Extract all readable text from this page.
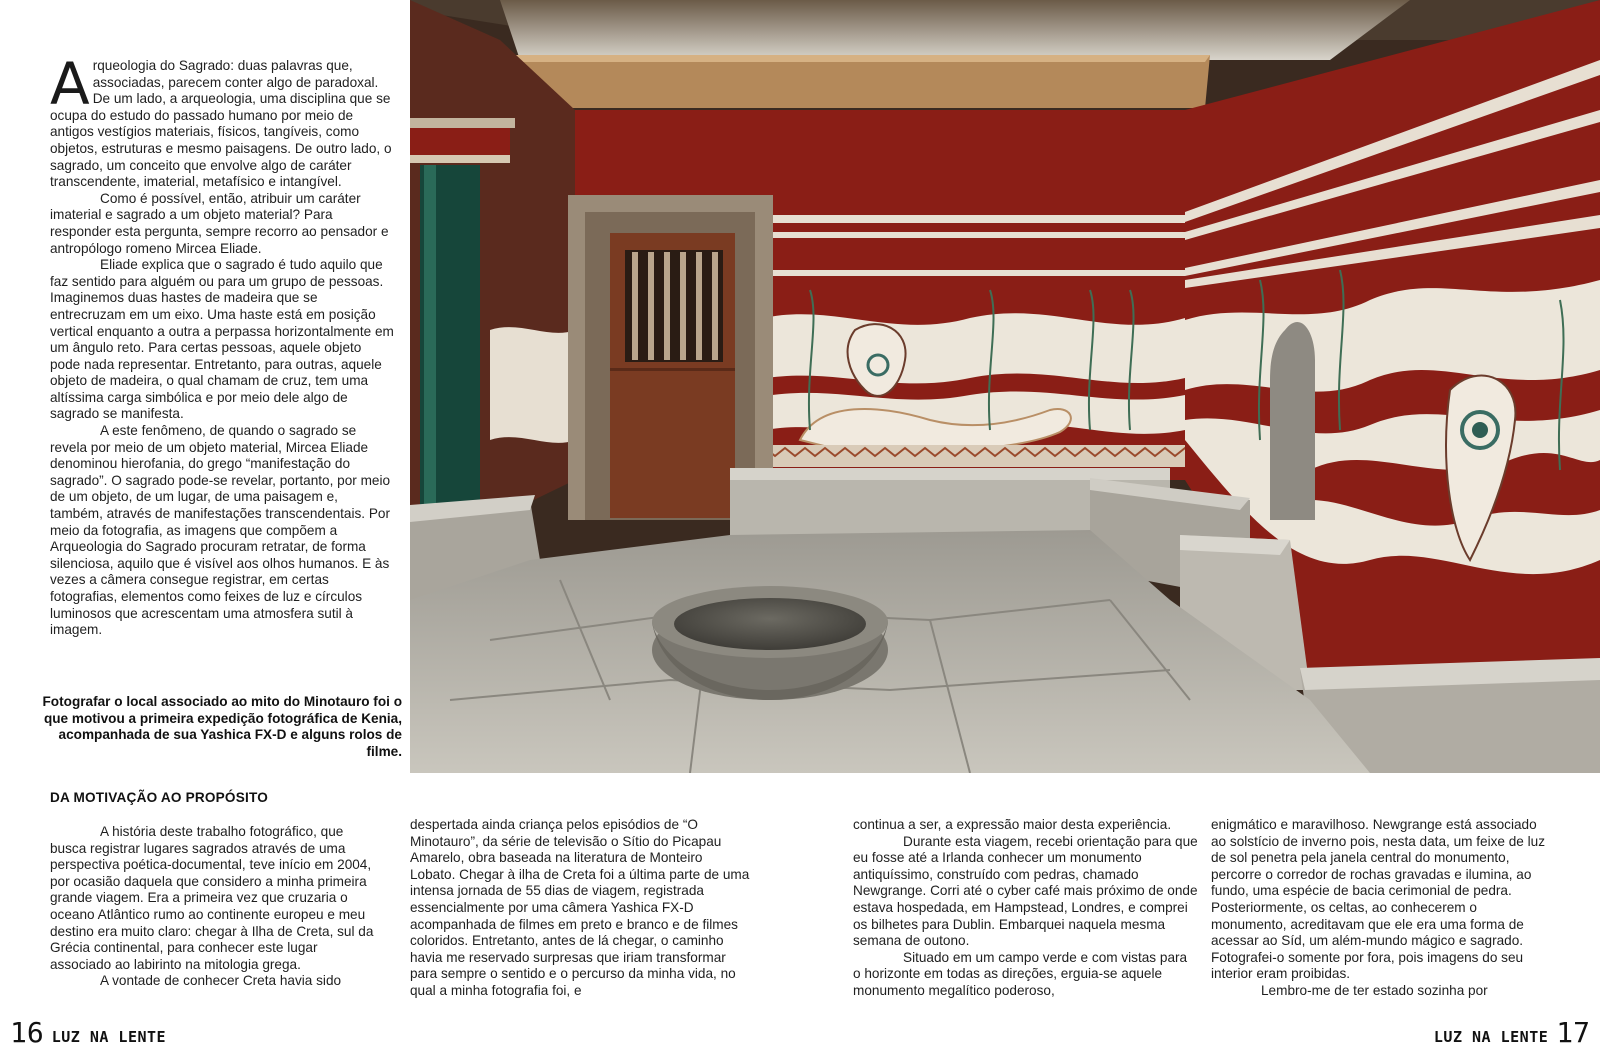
Arqueologia do Sagrado: duas palavras que, associadas, parecem conter algo de paradoxal. De um lado, a arqueologia, uma disciplina que se ocupa do estudo do passado humano por meio de antigos vestígios materiais, físicos, tangíveis, como objetos, estruturas e mesmo paisagens. De outro lado, o sagrado, um conceito que envolve algo de caráter transcendente, imaterial, metafísico e intangível.

Como é possível, então, atribuir um caráter imaterial e sagrado a um objeto material? Para responder esta pergunta, sempre recorro ao pensador e antropólogo romeno Mircea Eliade.

Eliade explica que o sagrado é tudo aquilo que faz sentido para alguém ou para um grupo de pessoas. Imaginemos duas hastes de madeira que se entrecruzam em um eixo. Uma haste está em posição vertical enquanto a outra a perpassa horizontalmente em um ângulo reto. Para certas pessoas, aquele objeto pode nada representar. Entretanto, para outras, aquele objeto de madeira, o qual chamam de cruz, tem uma altíssima carga simbólica e por meio dele algo de sagrado se manifesta.

A este fenômeno, de quando o sagrado se revela por meio de um objeto material, Mircea Eliade denominou hierofania, do grego “manifestação do sagrado”. O sagrado pode-se revelar, portanto, por meio de um objeto, de um lugar, de uma paisagem e, também, através de manifestações transcendentais. Por meio da fotografia, as imagens que compõem a Arqueologia do Sagrado procuram retratar, de forma silenciosa, aquilo que é visível aos olhos humanos. E às vezes a câmera consegue registrar, em certas fotografias, elementos como feixes de luz e círculos luminosos que acrescentam uma atmosfera sutil à imagem.

Fotografar o local associado ao mito do Minotauro foi o que motivou a primeira expedição fotográfica de Kenia, acompanhada de sua Yashica FX-D e alguns rolos de filme.
DA MOTIVAÇÃO AO PROPÓSITO

A história deste trabalho fotográfico, que busca registrar lugares sagrados através de uma perspectiva poética-documental, teve início em 2004, por ocasião daquela que considero a minha primeira grande viagem. Era a primeira vez que cruzaria o oceano Atlântico rumo ao continente europeu e meu destino era muito claro: chegar à Ilha de Creta, sul da Grécia continental, para conhecer este lugar associado ao labirinto na mitologia grega.

A vontade de conhecer Creta havia sido

despertada ainda criança pelos episódios de “O Minotauro”, da série de televisão o Sítio do Picapau Amarelo, obra baseada na literatura de Monteiro Lobato. Chegar à ilha de Creta foi a última parte de uma intensa jornada de 55 dias de viagem, registrada essencialmente por uma câmera Yashica FX-D acompanhada de filmes em preto e branco e de filmes coloridos. Entretanto, antes de lá chegar, o caminho havia me reservado surpresas que iriam transformar para sempre o sentido e o percurso da minha vida, no qual a minha fotografia foi, e

continua a ser, a expressão maior desta experiência.

Durante esta viagem, recebi orientação para que eu fosse até a Irlanda conhecer um monumento antiquíssimo, construído com pedras, chamado Newgrange. Corri até o cyber café mais próximo de onde estava hospedada, em Hampstead, Londres, e comprei os bilhetes para Dublin. Embarquei naquela mesma semana de outono.

Situado em um campo verde e com vistas para o horizonte em todas as direções, erguia-se aquele monumento megalítico poderoso,

enigmático e maravilhoso. Newgrange está associado ao solstício de inverno pois, nesta data, um feixe de luz de sol penetra pela janela central do monumento, percorre o corredor de rochas gravadas e ilumina, ao fundo, uma espécie de bacia cerimonial de pedra. Posteriormente, os celtas, ao conhecerem o monumento, acreditavam que ele era uma forma de acessar ao Síd, um além-mundo mágico e sagrado. Fotografei-o somente por fora, pois imagens do seu interior eram proibidas.

Lembro-me de ter estado sozinha por

16 LUZ NA LENTE	LUZ NA LENTE 17
